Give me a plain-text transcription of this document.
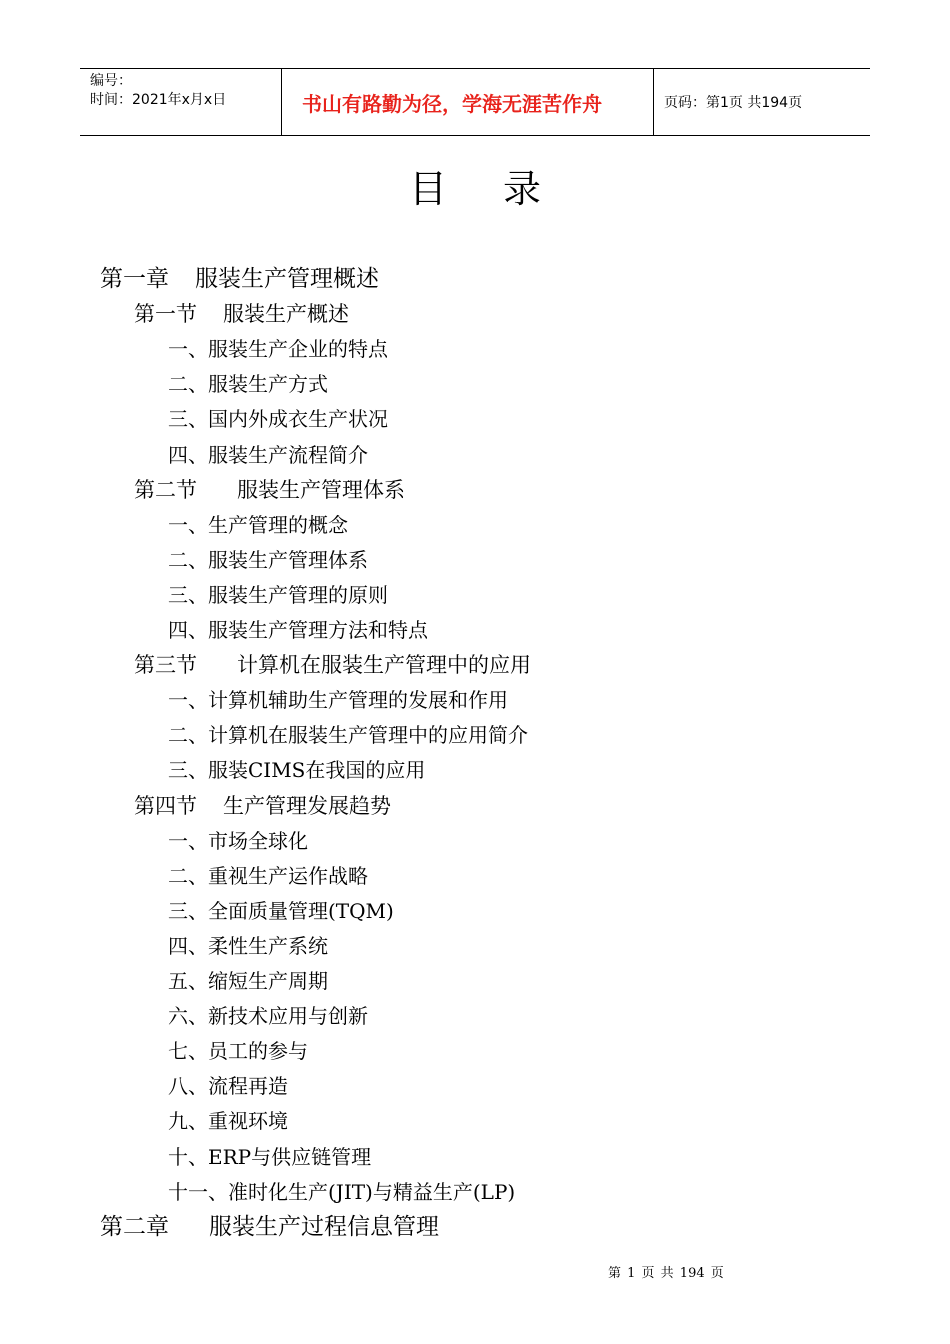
编号：
时间：2021年x月x日	书山有路勤为径，学海无涯苦作舟	页码：第1页 共194页
目 录
第一章 服装生产管理概述
第一节 服装生产概述
一、服装生产企业的特点
二、服装生产方式
三、国内外成衣生产状况
四、服装生产流程简介
第二节 服装生产管理体系
一、生产管理的概念
二、服装生产管理体系
三、服装生产管理的原则
四、服装生产管理方法和特点
第三节 计算机在服装生产管理中的应用
一、计算机辅助生产管理的发展和作用
二、计算机在服装生产管理中的应用简介
三、服装CIMS在我国的应用
第四节 生产管理发展趋势
一、市场全球化
二、重视生产运作战略
三、全面质量管理(TQM)
四、柔性生产系统
五、缩短生产周期
六、新技术应用与创新
七、员工的参与
八、流程再造
九、重视环境
十、ERP与供应链管理
十一、准时化生产(JIT)与精益生产(LP)
第二章 服装生产过程信息管理
第 1 页 共 194 页
